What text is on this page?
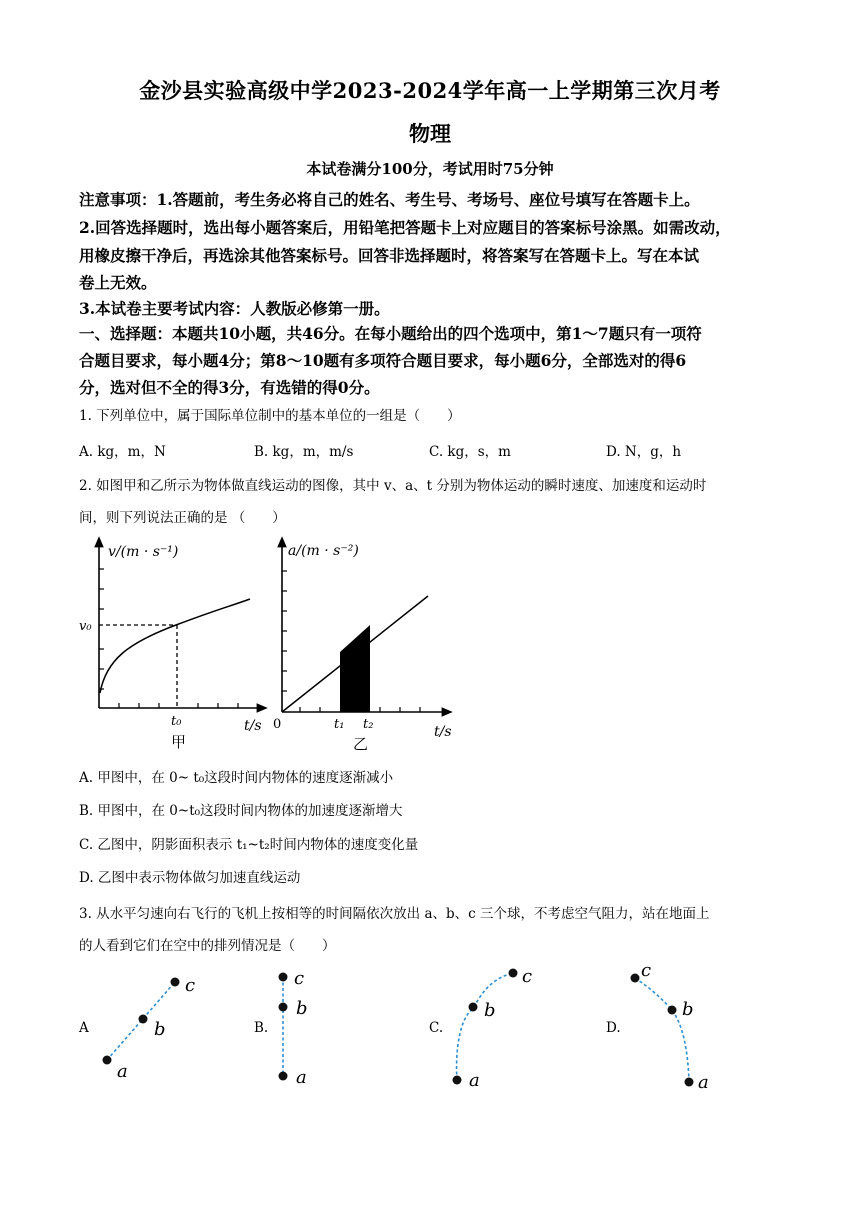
金沙县实验高级中学2023-2024学年高一上学期第三次月考
物理
本试卷满分100分，考试用时75分钟
注意事项：1.答题前，考生务必将自己的姓名、考生号、考场号、座位号填写在答题卡上。
2.回答选择题时，选出每小题答案后，用铅笔把答题卡上对应题目的答案标号涂黑。如需改动，
用橡皮擦干净后，再选涂其他答案标号。回答非选择题时，将答案写在答题卡上。写在本试
卷上无效。
3.本试卷主要考试内容：人教版必修第一册。
一、选择题：本题共10小题，共46分。在每小题给出的四个选项中，第1～7题只有一项符
合题目要求，每小题4分；第8～10题有多项符合题目要求，每小题6分，全部选对的得6
分，选对但不全的得3分，有选错的得0分。
1. 下列单位中，属于国际单位制中的基本单位的一组是（　　）
A. kg，m，N	B. kg，m，m/s	C. kg，s，m	D. N，g，h
2. 如图甲和乙所示为物体做直线运动的图像，其中 v、a、t 分别为物体运动的瞬时速度、加速度和运动时
间，则下列说法正确的是 （　　）
v/(m · s⁻¹)
v₀
t₀	t/s
甲
a/(m · s⁻²)
0	t₁ t₂	t/s
乙
A. 甲图中，在 0~ t₀这段时间内物体的速度逐渐减小
B. 甲图中，在 0~t₀这段时间内物体的加速度逐渐增大
C. 乙图中，阴影面积表示 t₁~t₂时间内物体的速度变化量
D. 乙图中表示物体做匀加速直线运动
3. 从水平匀速向右飞行的飞机上按相等的时间隔依次放出 a、b、c 三个球，不考虑空气阻力，站在地面上
的人看到它们在空中的排列情况是（　　）
A	B.	C.	D.
a
b
c	c
b
a	a
b
c	c
b
a
